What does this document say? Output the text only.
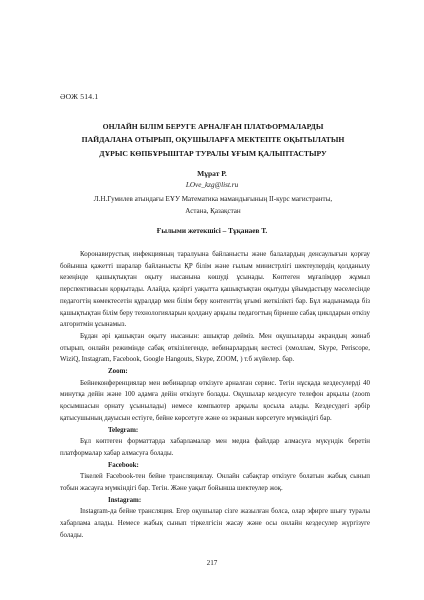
ӘОЖ 514.1
ОНЛАЙН БІЛІМ БЕРУГЕ АРНАЛҒАН ПЛАТФОРМАЛАРДЫ
ПАЙДАЛАНА ОТЫРЫП, ОҚУШЫЛАРҒА МЕКТЕПТЕ ОҚЫТЫЛАТЫН
ДҰРЫС КӨПБҰРЫШТАР ТУРАЛЫ ҰҒЫМ ҚАЛЫПТАСТЫРУ
Мұрат Р.
LOve_kzg@list.ru
Л.Н.Гумилев атындағы ЕҰУ Математика мамандығының II-курс магистранты,
Астана, Қазақстан
Ғылыми жетекшісі – Тұқанаев Т.

Коронавирустық инфекцияның таралуына байланысты және балалардың денсаулығын қорғау бойынша қажетті шаралар байланысты ҚР білім және ғылым министрлігі шектеулердің қолданылу кезеңінде қашықтықтан оқыту нысанына көшуді ұсынады. Көптеген мұғалімдер жұмыл перспективасын қорқытады. Алайда, қазіргі уақытта қашықтықтан оқытуды ұйымдастыру мәселесінде педагогтің көмектесетін құралдар мен білім беру контенттің ұғымі жеткілікті бар. Бұл жадынамада біз қашықтықтан білім беру технологияларын қолдану арқылы педагогтың бірнеше сабақ циклдарын өткізу алгоритмін ұсынамыз.

Бұдан әрі қашықтан оқыту нысанын: ашықтар дейміз. Мен оқушыларды әкрандың жинаб отырып, онлайн режимінде сабақ өткізілегенде, вебинарлардың кестесі (хмоллам, Skype, Periscope, WiziQ, Instagram, Facebook, Google Hangouts, Skype, ZOOM, ) т.б жүйелер. бар.

Zoom:

Бейнеконференциялар мен вебинарлар өткізуге арналған сервис. Тегін нұсқада кездесулерді 40 минутқа дейін және 100 адамға дейін өткізуге болады. Оқушылар кездесуге телефон арқылы (zoom қосымшасын орнату ұсынылады) немесе компьютер арқылы қосыла алады. Кездесудегі әрбір қатысушының дауысын естіуге, бейне көрсетуге және өз экранын көрсетуге мүмкіндігі бар.

Telegram:

Бұл көптеген форматтарда хабарламалар мен медиа файлдар алмасуға мүкүндік беретін платформалар хабар алмасуға болады.

Facebook:

Тікелей Facebook-тен бейне трансляциялау. Онлайн сабақтар өткізуге болатын жабық сынып тобын жасауға мүмкіндігі бар. Тегін. Және уақыт бойынша шектеулер жоқ.

Instagram:

Instagram-да бейне трансляция. Егер оқушылар сізге жазылған болса, олар эфирге шығу туралы хабарлама алады. Немесе жабық сынып тіркелгісін жасау және осы онлайн кездесулер жүргізуге болады.

217
